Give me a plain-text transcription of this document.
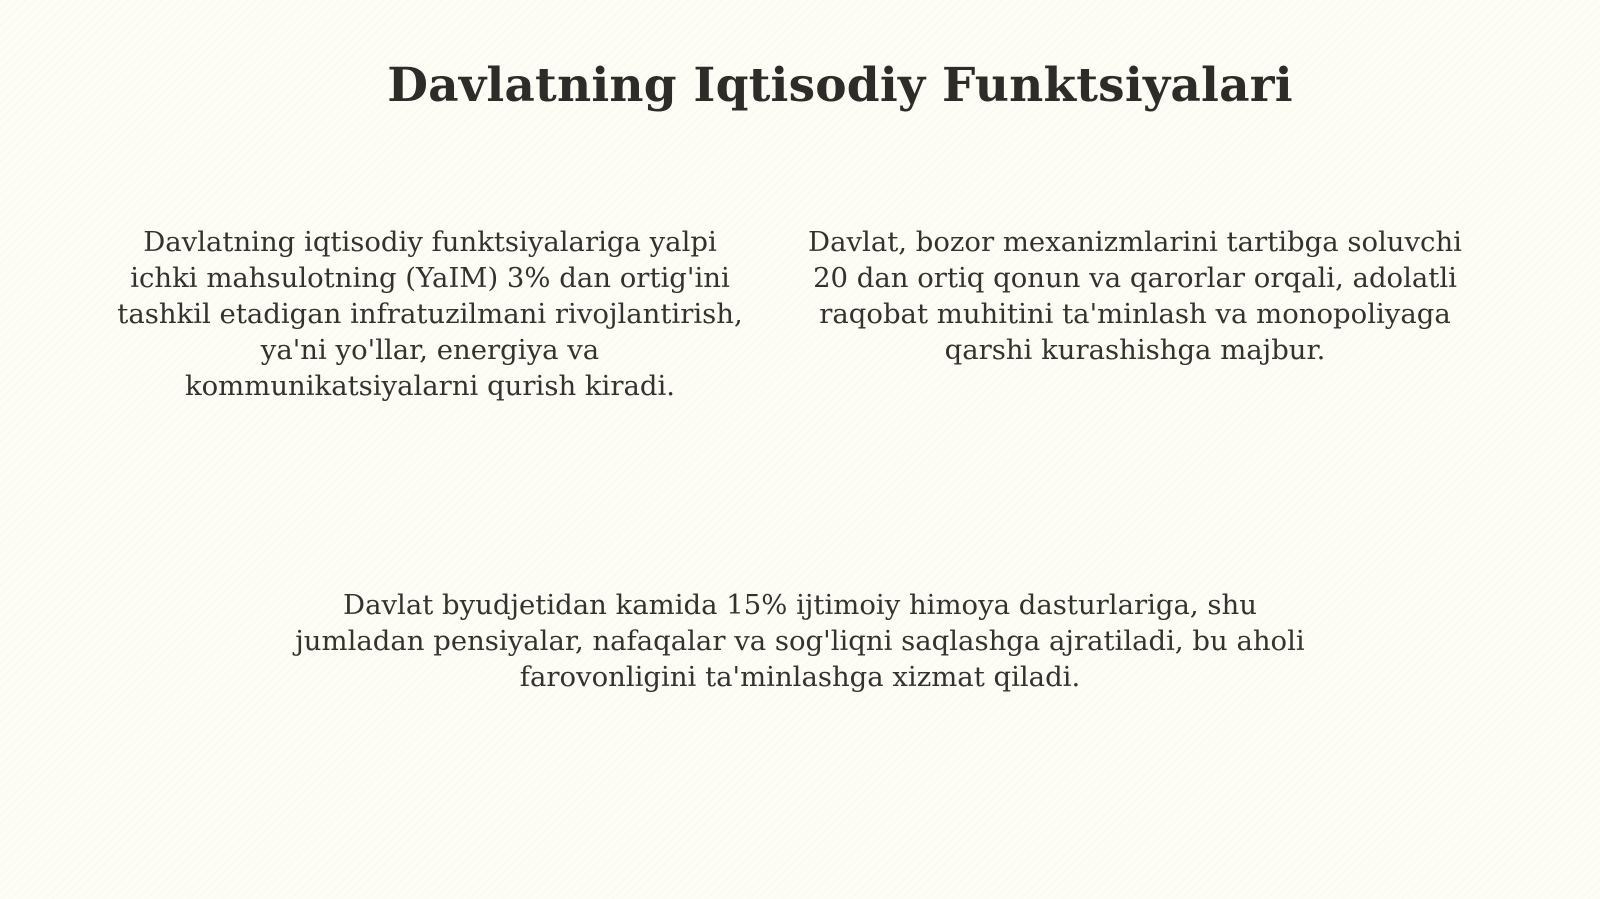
Davlatning Iqtisodiy Funktsiyalari

Davlatning iqtisodiy funktsiyalariga yalpi ichki mahsulotning (YaIM) 3% dan ortig'ini tashkil etadigan infratuzilmani rivojlantirish, ya'ni yo'llar, energiya va kommunikatsiyalarni qurish kiradi.

Davlat, bozor mexanizmlarini tartibga soluvchi 20 dan ortiq qonun va qarorlar orqali, adolatli raqobat muhitini ta'minlash va monopoliyaga qarshi kurashishga majbur.

Davlat byudjetidan kamida 15% ijtimoiy himoya dasturlariga, shu jumladan pensiyalar, nafaqalar va sog'liqni saqlashga ajratiladi, bu aholi farovonligini ta'minlashga xizmat qiladi.
